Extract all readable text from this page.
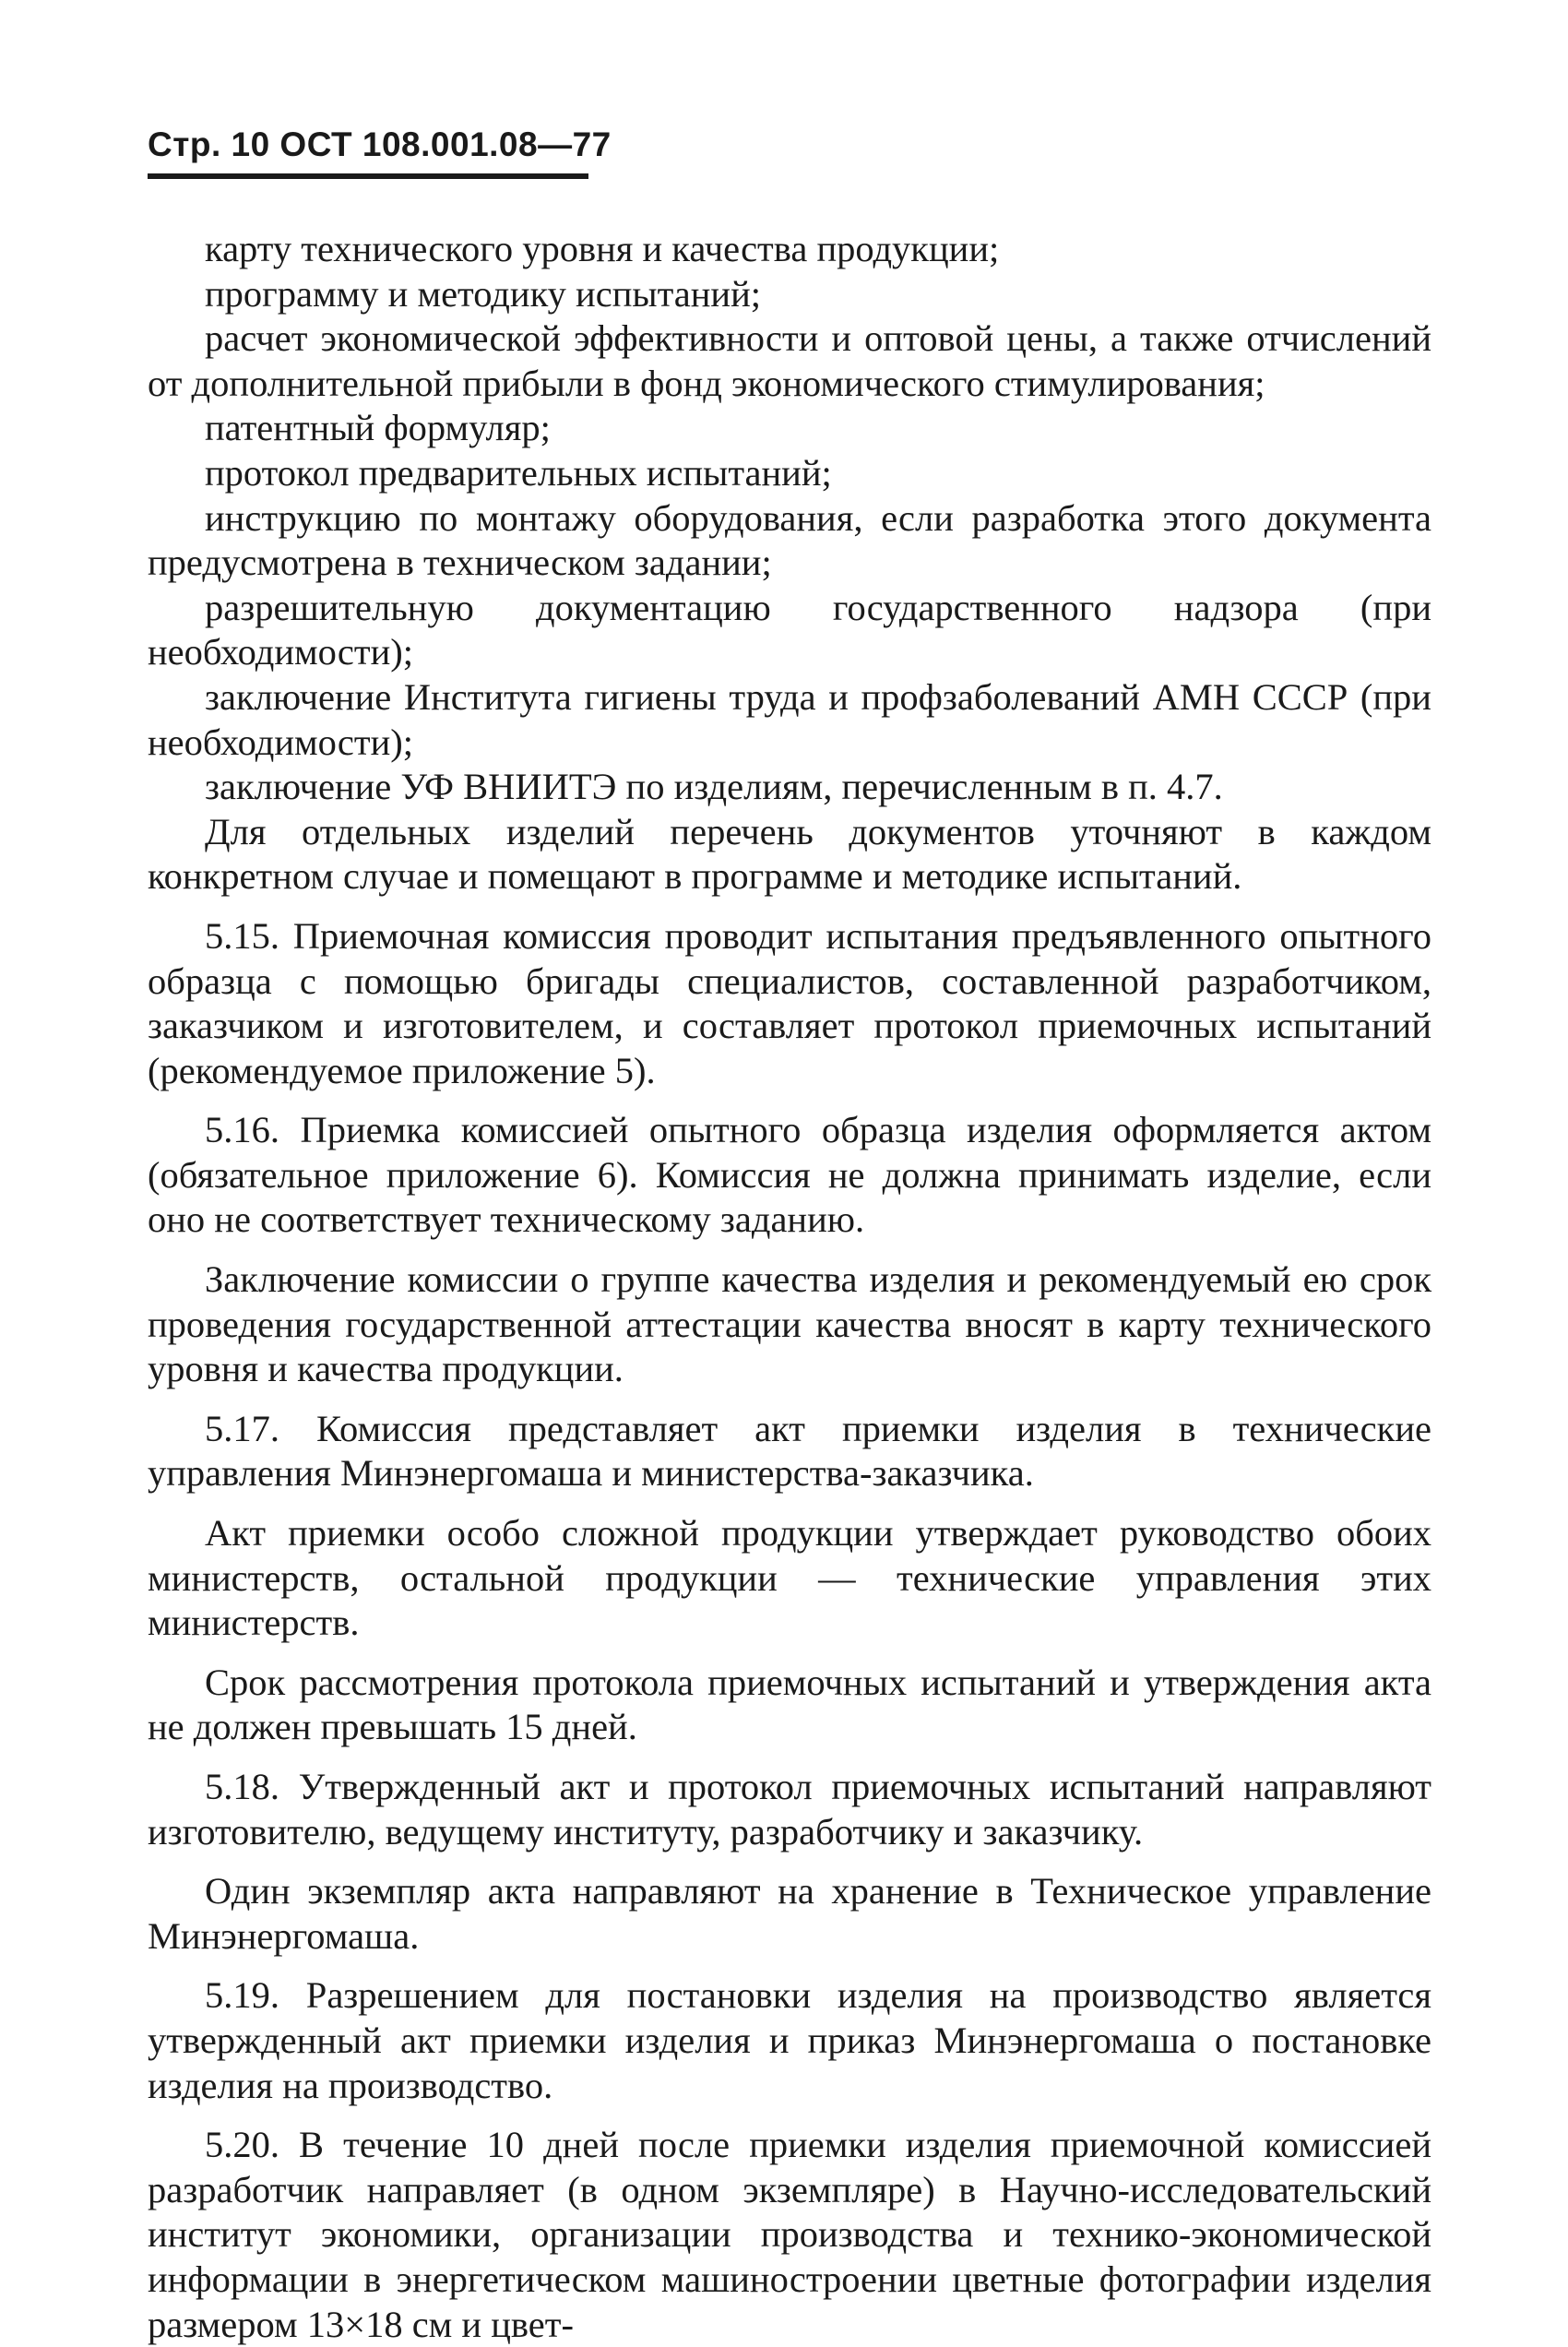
Стр. 10 ОСТ 108.001.08—77

карту технического уровня и качества продукции;

программу и методику испытаний;

расчет экономической эффективности и оптовой цены, а также отчислений от дополнительной прибыли в фонд экономического стимулирования;

патентный формуляр;

протокол предварительных испытаний;

инструкцию по монтажу оборудования, если разработка этого документа предусмотрена в техническом задании;

разрешительную документацию государственного надзора (при необходимости);

заключение Института гигиены труда и профзаболеваний АМН СССР (при необходимости);

заключение УФ ВНИИТЭ по изделиям, перечисленным в п. 4.7.

Для отдельных изделий перечень документов уточняют в каждом конкретном случае и помещают в программе и методике испытаний.

5.15. Приемочная комиссия проводит испытания предъявленного опытного образца с помощью бригады специалистов, составленной разработчиком, заказчиком и изготовителем, и составляет протокол приемочных испытаний (рекомендуемое приложение 5).

5.16. Приемка комиссией опытного образца изделия оформляется актом (обязательное приложение 6). Комиссия не должна принимать изделие, если оно не соответствует техническому заданию.

Заключение комиссии о группе качества изделия и рекомендуемый ею срок проведения государственной аттестации качества вносят в карту технического уровня и качества продукции.

5.17. Комиссия представляет акт приемки изделия в технические управления Минэнергомаша и министерства-заказчика.

Акт приемки особо сложной продукции утверждает руководство обоих министерств, остальной продукции — технические управления этих министерств.

Срок рассмотрения протокола приемочных испытаний и утверждения акта не должен превышать 15 дней.

5.18. Утвержденный акт и протокол приемочных испытаний направляют изготовителю, ведущему институту, разработчику и заказчику.

Один экземпляр акта направляют на хранение в Техническое управление Минэнергомаша.

5.19. Разрешением для постановки изделия на производство является утвержденный акт приемки изделия и приказ Минэнергомаша о постановке изделия на производство.

5.20. В течение 10 дней после приемки изделия приемочной комиссией разработчик направляет (в одном экземпляре) в Научно-исследовательский институт экономики, организации производства и технико-экономической информации в энергетическом машиностроении цветные фотографии изделия размером 13×18 см и цвет-
